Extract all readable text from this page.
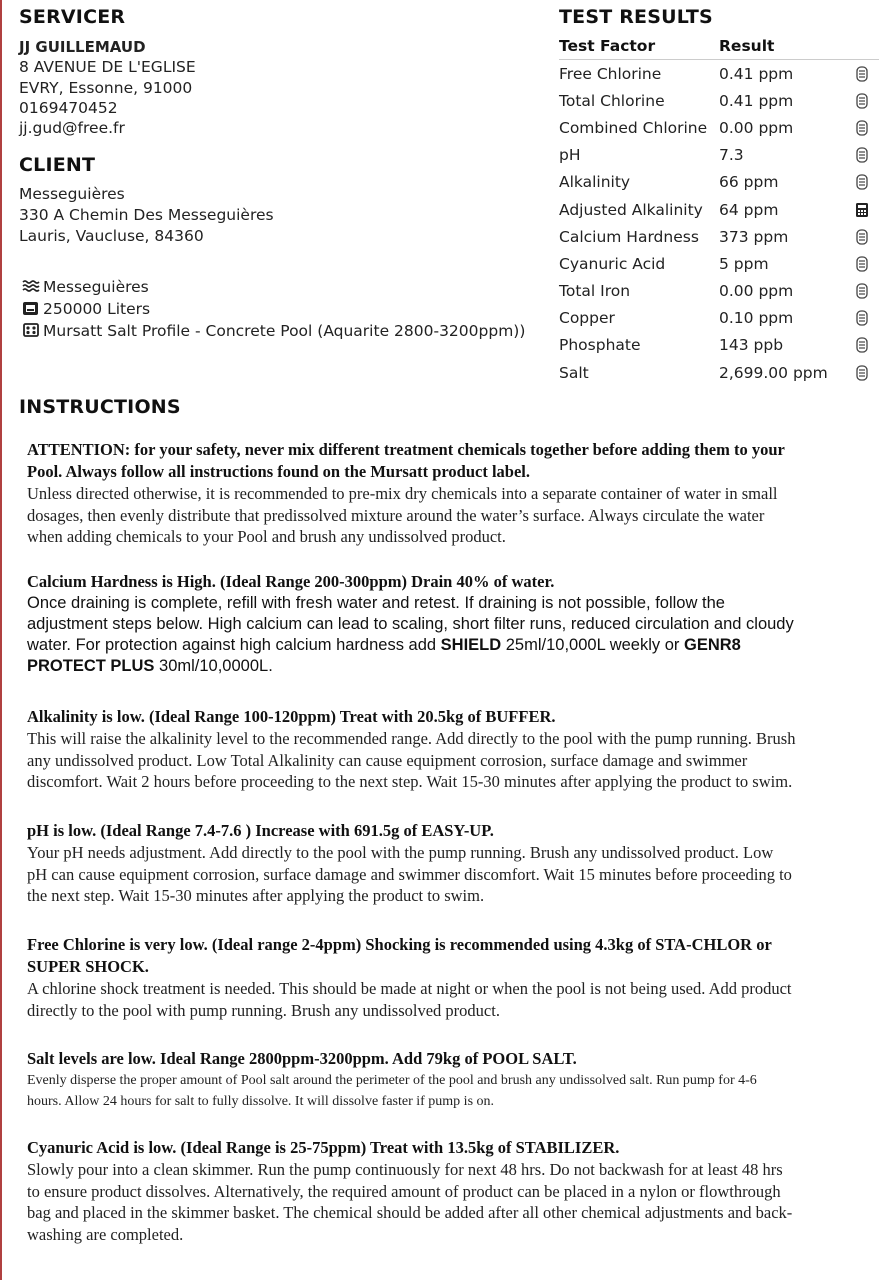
SERVICER
JJ GUILLEMAUD
8 AVENUE DE L'EGLISE
EVRY, Essonne, 91000
0169470452
jj.gud@free.fr
CLIENT
Messeguières
330 A Chemin Des Messeguières
Lauris, Vaucluse, 84360
Messeguières
250000 Liters
Mursatt Salt Profile - Concrete Pool (Aquarite 2800-3200ppm))
TEST RESULTS
Test Factor	Result
Free Chlorine	0.41 ppm
Total Chlorine	0.41 ppm
Combined Chlorine 0.00 ppm
pH	7.3
Alkalinity	66 ppm
Adjusted Alkalinity	64 ppm
Calcium Hardness	373 ppm
Cyanuric Acid	5 ppm
Total Iron	0.00 ppm
Copper	0.10 ppm
Phosphate	143 ppb
Salt	2,699.00 ppm
INSTRUCTIONS
ATTENTION: for your safety, never mix different treatment chemicals together before adding them to your
Pool. Always follow all instructions found on the Mursatt product label.
Unless directed otherwise, it is recommended to pre-mix dry chemicals into a separate container of water in small
dosages, then evenly distribute that predissolved mixture around the water’s surface. Always circulate the water
when adding chemicals to your Pool and brush any undissolved product.
Calcium Hardness is High. (Ideal Range 200-300ppm) Drain 40% of water.
Once draining is complete, refill with fresh water and retest. If draining is not possible, follow the
adjustment steps below. High calcium can lead to scaling, short filter runs, reduced circulation and cloudy
water. For protection against high calcium hardness add SHIELD 25ml/10,000L weekly or GENR8
PROTECT PLUS 30ml/10,0000L.
Alkalinity is low. (Ideal Range 100-120ppm) Treat with 20.5kg of BUFFER.
This will raise the alkalinity level to the recommended range. Add directly to the pool with the pump running. Brush
any undissolved product. Low Total Alkalinity can cause equipment corrosion, surface damage and swimmer
discomfort. Wait 2 hours before proceeding to the next step. Wait 15-30 minutes after applying the product to swim.
pH is low. (Ideal Range 7.4-7.6 ) Increase with 691.5g of EASY-UP.
Your pH needs adjustment. Add directly to the pool with the pump running. Brush any undissolved product. Low
pH can cause equipment corrosion, surface damage and swimmer discomfort. Wait 15 minutes before proceeding to
the next step. Wait 15-30 minutes after applying the product to swim.
Free Chlorine is very low. (Ideal range 2-4ppm) Shocking is recommended using 4.3kg of STA-CHLOR or
SUPER SHOCK.
A chlorine shock treatment is needed. This should be made at night or when the pool is not being used. Add product
directly to the pool with pump running. Brush any undissolved product.
Salt levels are low. Ideal Range 2800ppm-3200ppm. Add 79kg of POOL SALT.
Evenly disperse the proper amount of Pool salt around the perimeter of the pool and brush any undissolved salt. Run pump for 4-6
hours. Allow 24 hours for salt to fully dissolve. It will dissolve faster if pump is on.
Cyanuric Acid is low. (Ideal Range is 25-75ppm) Treat with 13.5kg of STABILIZER.
Slowly pour into a clean skimmer. Run the pump continuously for next 48 hrs. Do not backwash for at least 48 hrs
to ensure product dissolves. Alternatively, the required amount of product can be placed in a nylon or flowthrough
bag and placed in the skimmer basket. The chemical should be added after all other chemical adjustments and back-
washing are completed.
